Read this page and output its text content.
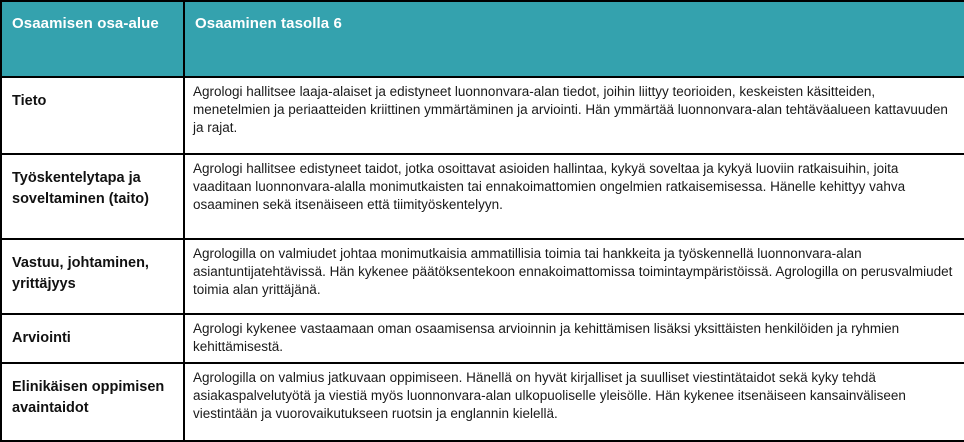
Osaamisen osa-alue	Osaaminen tasolla 6
Tieto	Agrologi hallitsee laaja-alaiset ja edistyneet luonnonvara-alan tiedot, joihin liittyy teorioiden, keskeisten käsitteiden, menetelmien ja periaatteiden kriittinen ymmärtäminen ja arviointi. Hän ymmärtää luonnonvara-alan tehtäväalueen kattavuuden ja rajat.
Työskentelytapa ja soveltaminen (taito)	Agrologi hallitsee edistyneet taidot, jotka osoittavat asioiden hallintaa, kykyä soveltaa ja kykyä luoviin ratkaisuihin, joita vaaditaan luonnonvara-alalla monimutkaisten tai ennakoimattomien ongelmien ratkaisemisessa. Hänelle kehittyy vahva osaaminen sekä itsenäiseen että tiimityöskentelyyn.
Vastuu, johtaminen, yrittäjyys	Agrologilla on valmiudet johtaa monimutkaisia ammatillisia toimia tai hankkeita ja työskennellä luonnonvara-alan asiantuntijatehtävissä. Hän kykenee päätöksentekoon ennakoimattomissa toimintaympäristöissä. Agrologilla on perusvalmiudet toimia alan yrittäjänä.
Arviointi	Agrologi kykenee vastaamaan oman osaamisensa arvioinnin ja kehittämisen lisäksi yksittäisten henkilöiden ja ryhmien kehittämisestä.
Elinikäisen oppimisen avaintaidot	Agrologilla on valmius jatkuvaan oppimiseen. Hänellä on hyvät kirjalliset ja suulliset viestintätaidot sekä kyky tehdä asiakaspalvelutyötä ja viestiä myös luonnonvara-alan ulkopuoliselle yleisölle. Hän kykenee itsenäiseen kansainväliseen viestintään ja vuorovaikutukseen ruotsin ja englannin kielellä.
